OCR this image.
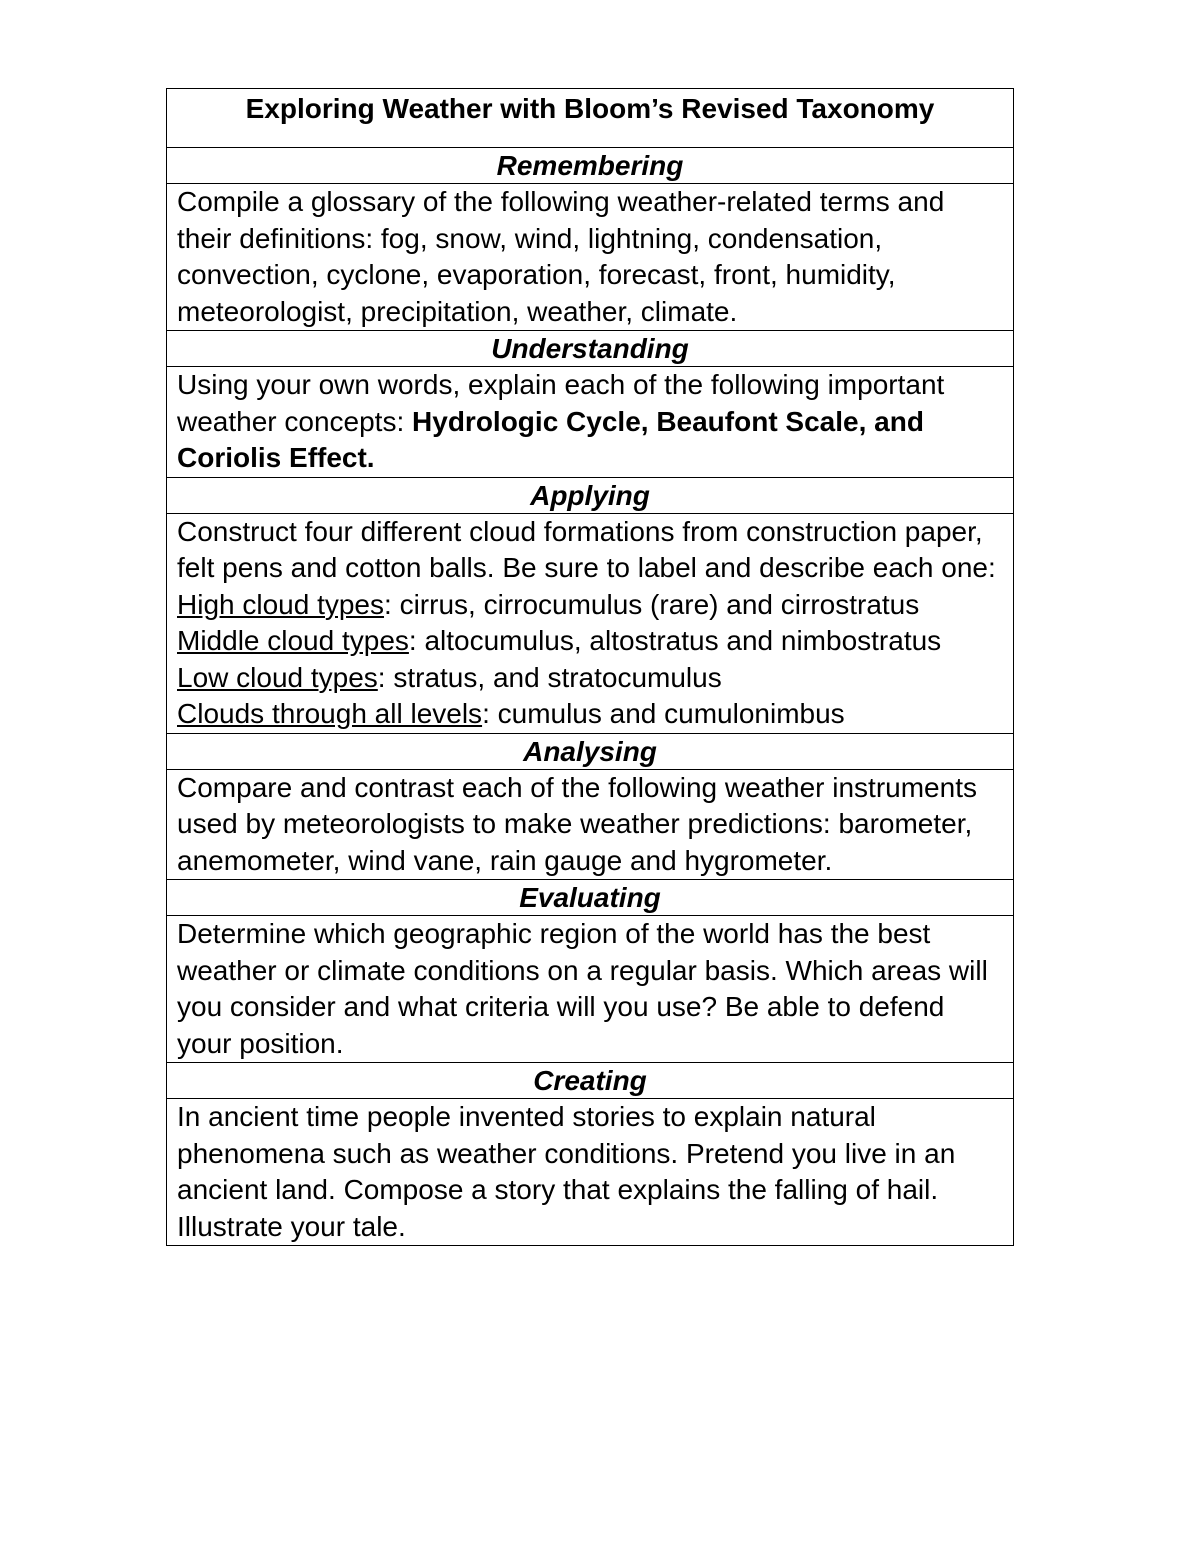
Exploring Weather with Bloom’s Revised Taxonomy

Remembering

Compile a glossary of the following weather-related terms and their definitions: fog, snow, wind, lightning, condensation, convection, cyclone, evaporation, forecast, front, humidity, meteorologist, precipitation, weather, climate.

Understanding

Using your own words, explain each of the following important weather concepts: Hydrologic Cycle, Beaufont Scale, and Coriolis Effect.

Applying

Construct four different cloud formations from construction paper, felt pens and cotton balls. Be sure to label and describe each one:

High cloud types: cirrus, cirrocumulus (rare) and cirrostratus

Middle cloud types: altocumulus, altostratus and nimbostratus

Low cloud types: stratus, and stratocumulus

Clouds through all levels: cumulus and cumulonimbus

Analysing

Compare and contrast each of the following weather instruments used by meteorologists to make weather predictions: barometer, anemometer, wind vane, rain gauge and hygrometer.

Evaluating

Determine which geographic region of the world has the best weather or climate conditions on a regular basis. Which areas will you consider and what criteria will you use? Be able to defend your position.

Creating

In ancient time people invented stories to explain natural phenomena such as weather conditions. Pretend you live in an ancient land. Compose a story that explains the falling of hail. Illustrate your tale.
